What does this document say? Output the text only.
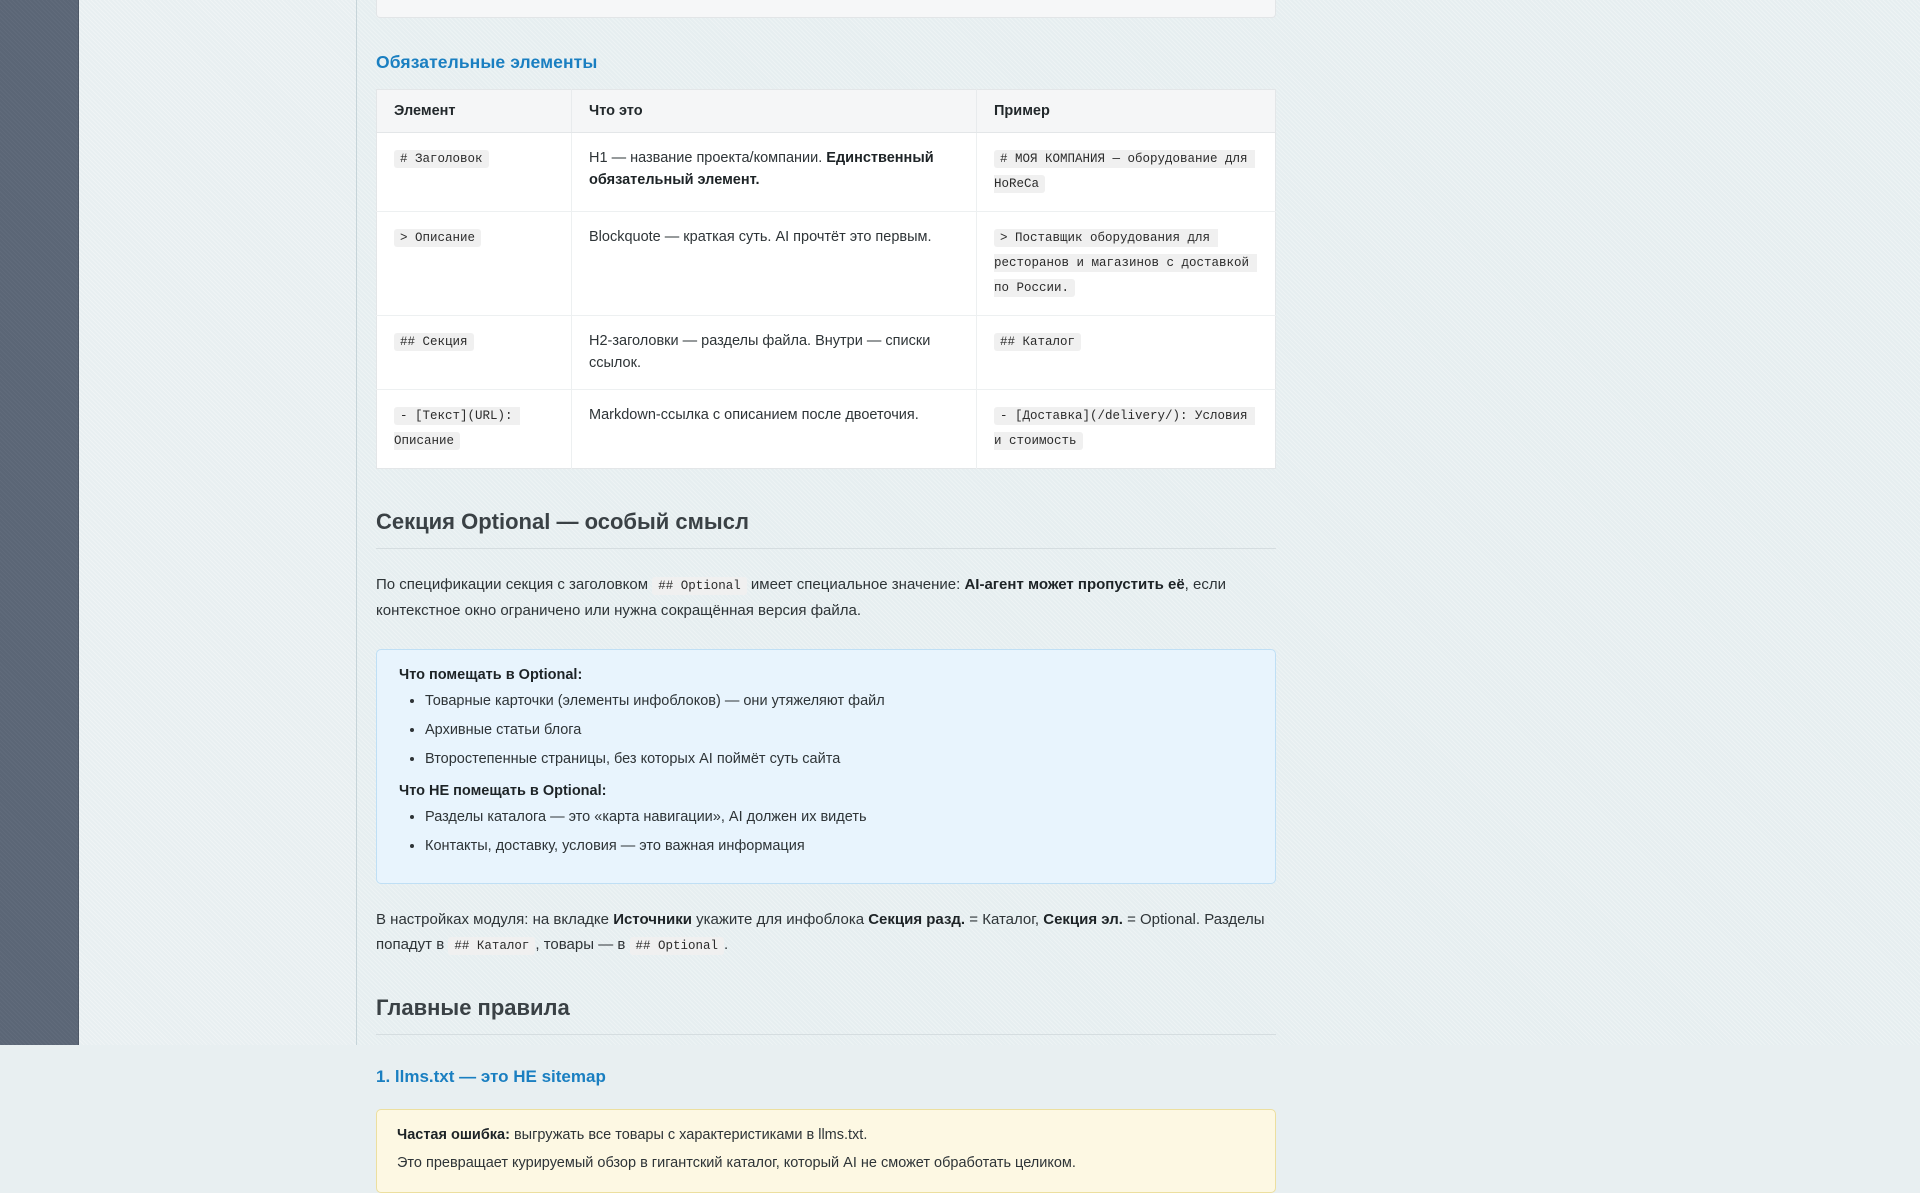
Обязательные элементы
Элемент	Что это	Пример
# Заголовок	H1 — название проекта/компании. Единственный обязательный элемент.	# МОЯ КОМПАНИЯ — оборудование для HoReCa
> Описание	Blockquote — краткая суть. AI прочтёт это первым.	> Поставщик оборудования для ресторанов и магазинов с доставкой по России.
## Секция	H2-заголовки — разделы файла. Внутри — списки ссылок.	## Каталог
- [Текст](URL): Описание	Markdown-ссылка с описанием после двоеточия.	- [Доставка](/delivery/): Условия и стоимость
Секция Optional — особый смысл

По спецификации секция с заголовком ## Optional имеет специальное значение: AI-агент может пропустить её, если контекстное окно ограничено или нужна сокращённая версия файла.

Что помещать в Optional:
• Товарные карточки (элементы инфоблоков) — они утяжеляют файл
• Архивные статьи блога
• Второстепенные страницы, без которых AI поймёт суть сайта
Что НЕ помещать в Optional:
• Разделы каталога — это «карта навигации», AI должен их видеть
• Контакты, доставку, условия — это важная информация

В настройках модуля: на вкладке Источники укажите для инфоблока Секция разд. = Каталог, Секция эл. = Optional. Разделы попадут в ## Каталог , товары — в ## Optional .

Главные правила
1. llms.txt — это НЕ sitemap

Частая ошибка: выгружать все товары с характеристиками в llms.txt.

Это превращает курируемый обзор в гигантский каталог, который AI не сможет обработать целиком.
